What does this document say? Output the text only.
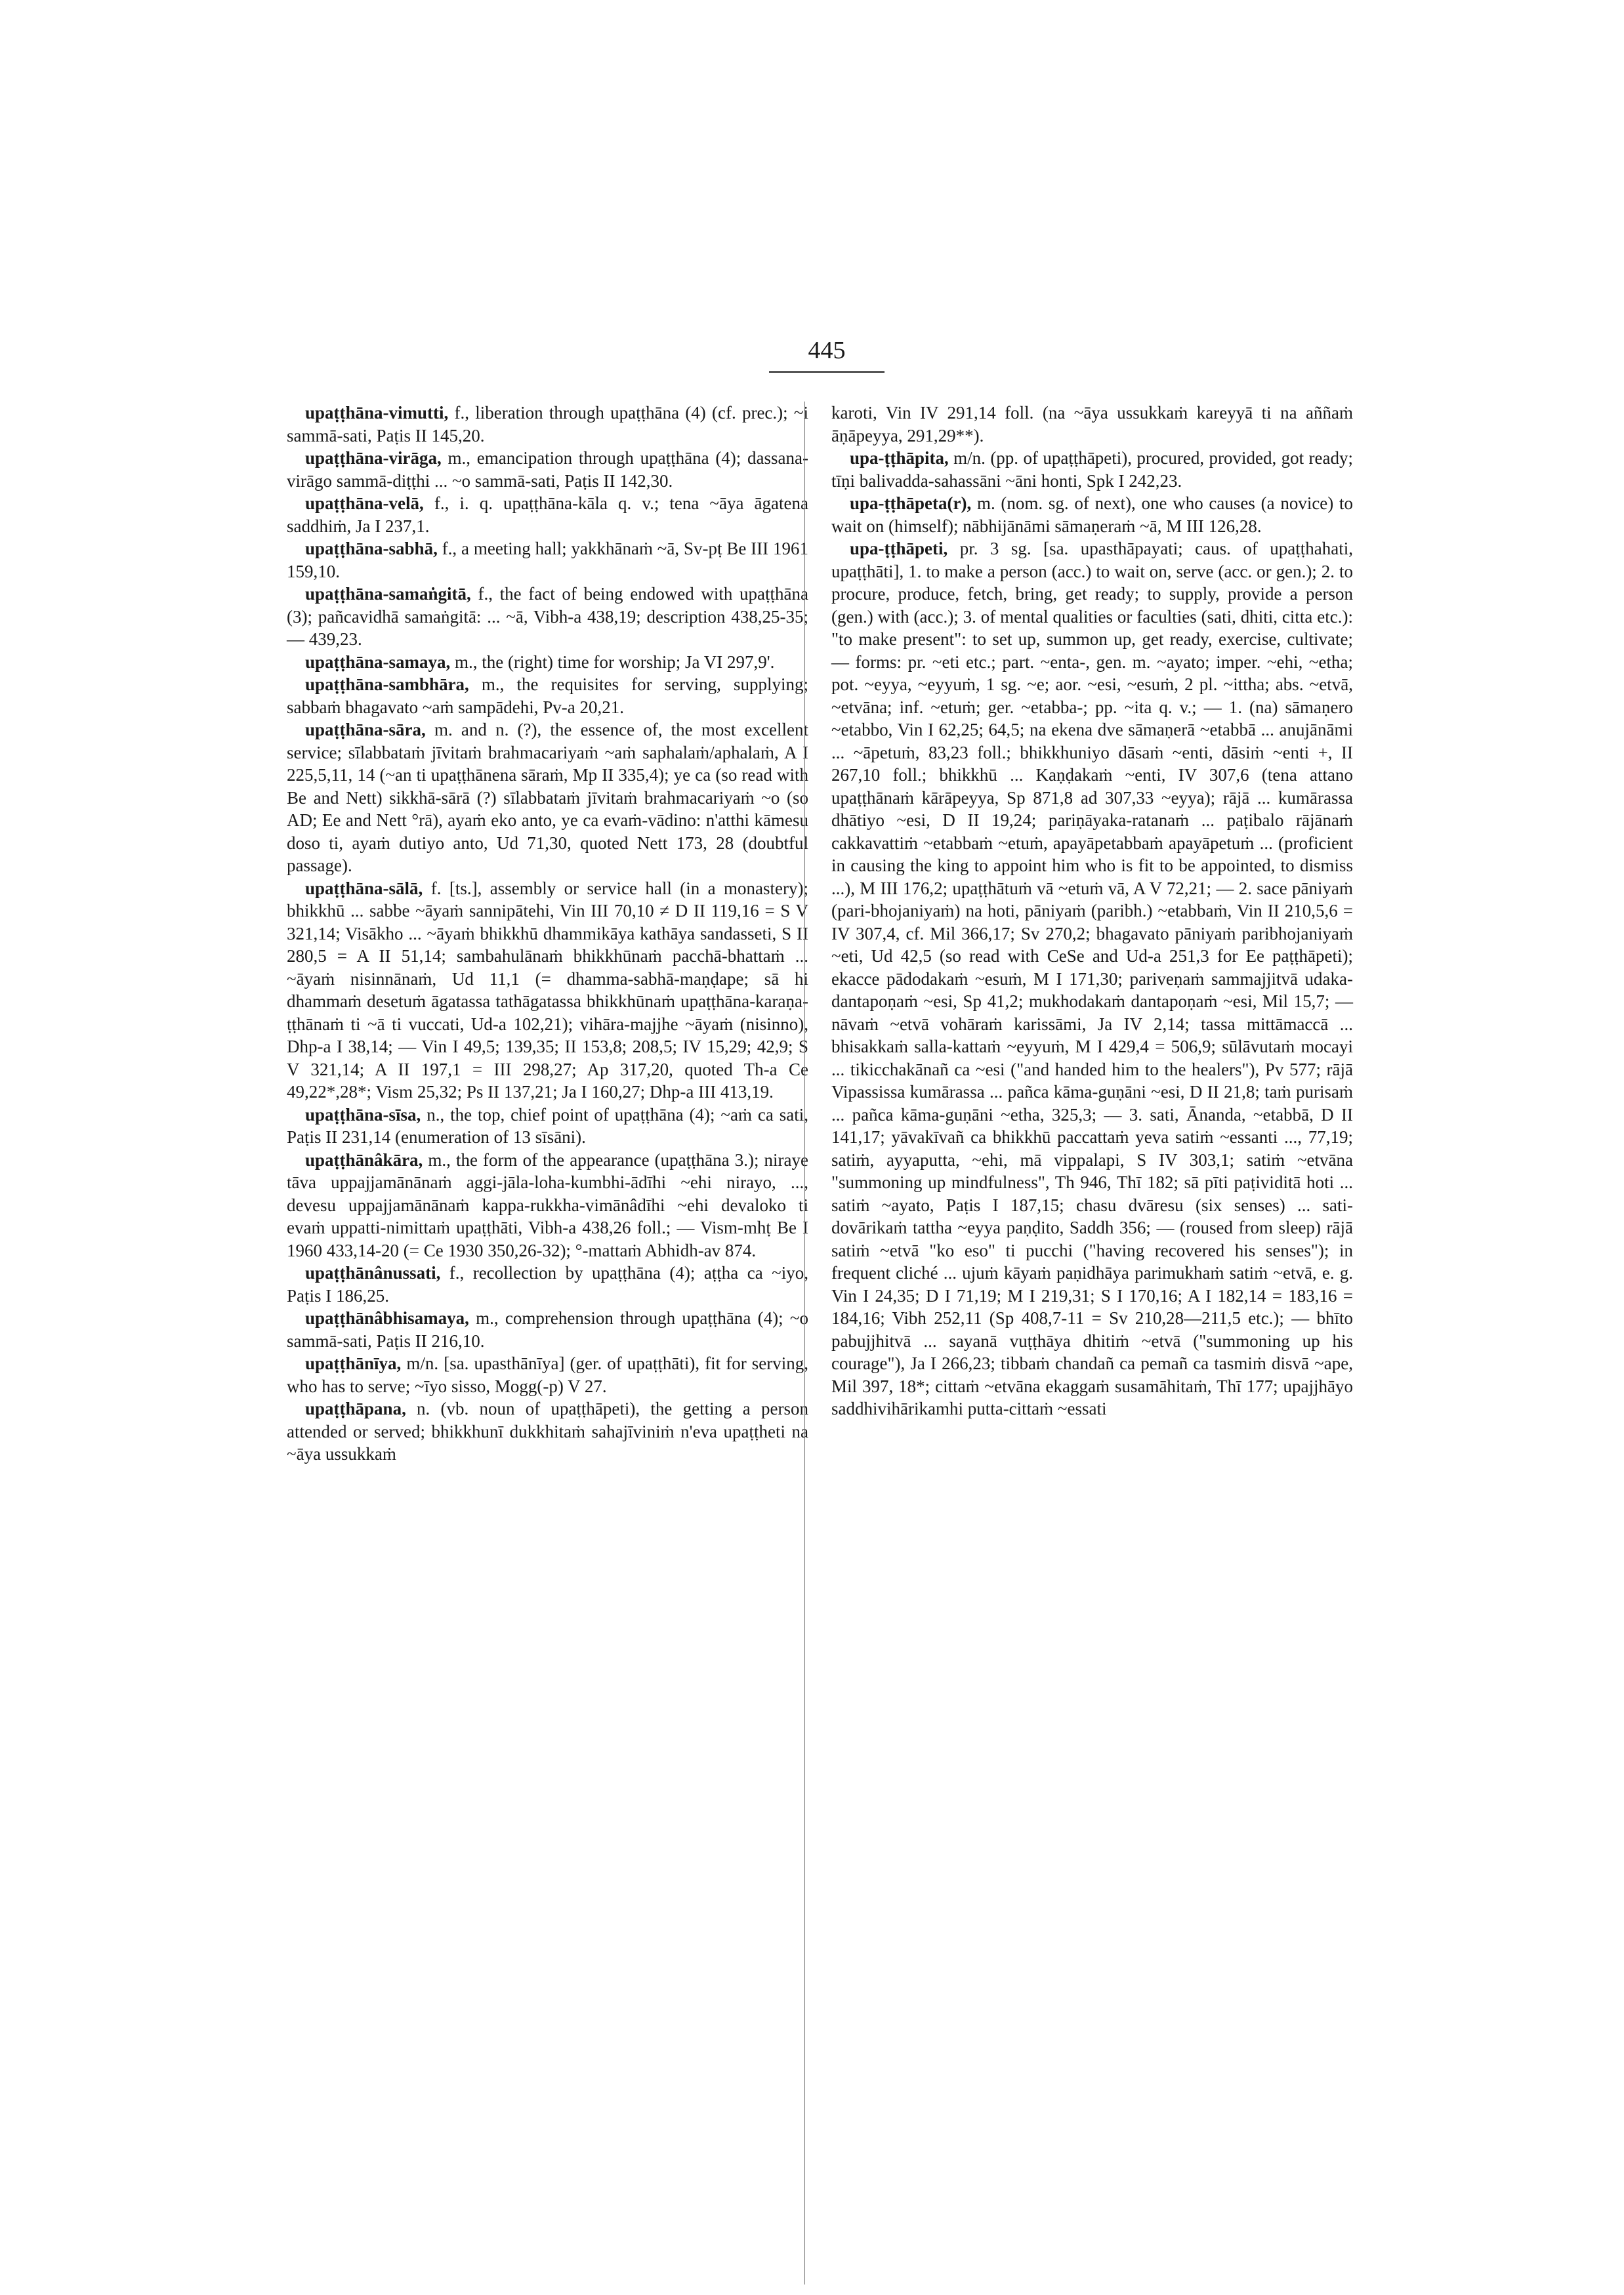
445

upaṭṭhāna-vimutti, f., liberation through upaṭṭhāna (4) (cf. prec.); ~i sammā-sati, Paṭis II 145,20.

upaṭṭhāna-virāga, m., emancipation through upaṭṭhāna (4); dassana-virāgo sammā-diṭṭhi ... ~o sammā-sati, Paṭis II 142,30.

upaṭṭhāna-velā, f., i. q. upaṭṭhāna-kāla q. v.; tena ~āya āgatena saddhiṁ, Ja I 237,1.

upaṭṭhāna-sabhā, f., a meeting hall; yakkhānaṁ ~ā, Sv-pṭ Be III 1961 159,10.

upaṭṭhāna-samaṅgitā, f., the fact of being endowed with upaṭṭhāna (3); pañcavidhā samaṅgitā: ... ~ā, Vibh-a 438,19; description 438,25-35; — 439,23.

upaṭṭhāna-samaya, m., the (right) time for worship; Ja VI 297,9'.

upaṭṭhāna-sambhāra, m., the requisites for serving, supplying; sabbaṁ bhagavato ~aṁ sampādehi, Pv-a 20,21.

upaṭṭhāna-sāra, m. and n. (?), the essence of, the most excellent service; sīlabbataṁ jīvitaṁ brahmacariyaṁ ~aṁ saphalaṁ/aphalaṁ, A I 225,5,11, 14 (~an ti upaṭṭhānena sāraṁ, Mp II 335,4); ye ca (so read with Be and Nett) sikkhā-sārā (?) sīlabbataṁ jīvitaṁ brahmacariyaṁ ~o (so AD; Ee and Nett °rā), ayaṁ eko anto, ye ca evaṁ-vādino: n'atthi kāmesu doso ti, ayaṁ dutiyo anto, Ud 71,30, quoted Nett 173, 28 (doubtful passage).

upaṭṭhāna-sālā, f. [ts.], assembly or service hall (in a monastery); bhikkhū ... sabbe ~āyaṁ sannipātehi, Vin III 70,10 ≠ D II 119,16 = S V 321,14; Visākho ... ~āyaṁ bhikkhū dhammikāya kathāya sandasseti, S II 280,5 = A II 51,14; sambahulānaṁ bhikkhūnaṁ pacchā-bhattaṁ ... ~āyaṁ nisinnānaṁ, Ud 11,1 (= dhamma-sabhā-maṇḍape; sā hi dhammaṁ desetuṁ āgatassa tathāgatassa bhikkhūnaṁ upaṭṭhāna-karaṇa-ṭṭhānaṁ ti ~ā ti vuccati, Ud-a 102,21); vihāra-majjhe ~āyaṁ (nisinno), Dhp-a I 38,14; — Vin I 49,5; 139,35; II 153,8; 208,5; IV 15,29; 42,9; S V 321,14; A II 197,1 = III 298,27; Ap 317,20, quoted Th-a Ce 49,22*,28*; Vism 25,32; Ps II 137,21; Ja I 160,27; Dhp-a III 413,19.

upaṭṭhāna-sīsa, n., the top, chief point of upaṭṭhāna (4); ~aṁ ca sati, Paṭis II 231,14 (enumeration of 13 sīsāni).

upaṭṭhānâkāra, m., the form of the appearance (upaṭṭhāna 3.); niraye tāva uppajjamānānaṁ aggi-jāla-loha-kumbhi-ādīhi ~ehi nirayo, ..., devesu uppajjamānānaṁ kappa-rukkha-vimānâdīhi ~ehi devaloko ti evaṁ uppatti-nimittaṁ upaṭṭhāti, Vibh-a 438,26 foll.; — Vism-mhṭ Be I 1960 433,14-20 (= Ce 1930 350,26-32); °-mattaṁ Abhidh-av 874.

upaṭṭhānânussati, f., recollection by upaṭṭhāna (4); aṭṭha ca ~iyo, Paṭis I 186,25.

upaṭṭhānâbhisamaya, m., comprehension through upaṭṭhāna (4); ~o sammā-sati, Paṭis II 216,10.

upaṭṭhānīya, m/n. [sa. upasthānīya] (ger. of upaṭṭhāti), fit for serving, who has to serve; ~īyo sisso, Mogg(-p) V 27.

upaṭṭhāpana, n. (vb. noun of upaṭṭhāpeti), the getting a person attended or served; bhikkhunī dukkhitaṁ sahajīviniṁ n'eva upaṭṭheti na ~āya ussukkaṁ

karoti, Vin IV 291,14 foll. (na ~āya ussukkaṁ kareyyā ti na aññaṁ āṇāpeyya, 291,29**).

upa-ṭṭhāpita, m/n. (pp. of upaṭṭhāpeti), procured, provided, got ready; tīṇi balivadda-sahassāni ~āni honti, Spk I 242,23.

upa-ṭṭhāpeta(r), m. (nom. sg. of next), one who causes (a novice) to wait on (himself); nābhijānāmi sāmaṇeraṁ ~ā, M III 126,28.

upa-ṭṭhāpeti, pr. 3 sg. [sa. upasthāpayati; caus. of upaṭṭhahati, upaṭṭhāti], 1. to make a person (acc.) to wait on, serve (acc. or gen.); 2. to procure, produce, fetch, bring, get ready; to supply, provide a person (gen.) with (acc.); 3. of mental qualities or faculties (sati, dhiti, citta etc.): "to make present": to set up, summon up, get ready, exercise, cultivate; — forms: pr. ~eti etc.; part. ~enta-, gen. m. ~ayato; imper. ~ehi, ~etha; pot. ~eyya, ~eyyuṁ, 1 sg. ~e; aor. ~esi, ~esuṁ, 2 pl. ~ittha; abs. ~etvā, ~etvāna; inf. ~etuṁ; ger. ~etabba-; pp. ~ita q. v.; — 1. (na) sāmaṇero ~etabbo, Vin I 62,25; 64,5; na ekena dve sāmaṇerā ~etabbā ... anujānāmi ... ~āpetuṁ, 83,23 foll.; bhikkhuniyo dāsaṁ ~enti, dāsiṁ ~enti +, II 267,10 foll.; bhikkhū ... Kaṇḍakaṁ ~enti, IV 307,6 (tena attano upaṭṭhānaṁ kārāpeyya, Sp 871,8 ad 307,33 ~eyya); rājā ... kumārassa dhātiyo ~esi, D II 19,24; pariṇāyaka-ratanaṁ ... paṭibalo rājānaṁ cakkavattiṁ ~etabbaṁ ~etuṁ, apayāpetabbaṁ apayāpetuṁ ... (proficient in causing the king to appoint him who is fit to be appointed, to dismiss ...), M III 176,2; upaṭṭhātuṁ vā ~etuṁ vā, A V 72,21; — 2. sace pāniyaṁ (pari-bhojaniyaṁ) na hoti, pāniyaṁ (paribh.) ~etabbaṁ, Vin II 210,5,6 = IV 307,4, cf. Mil 366,17; Sv 270,2; bhagavato pāniyaṁ paribhojaniyaṁ ~eti, Ud 42,5 (so read with CeSe and Ud-a 251,3 for Ee paṭṭhāpeti); ekacce pādodakaṁ ~esuṁ, M I 171,30; pariveṇaṁ sammajjitvā udaka-dantapoṇaṁ ~esi, Sp 41,2; mukhodakaṁ dantapoṇaṁ ~esi, Mil 15,7; — nāvaṁ ~etvā vohāraṁ karissāmi, Ja IV 2,14; tassa mittāmaccā ... bhisakkaṁ salla-kattaṁ ~eyyuṁ, M I 429,4 = 506,9; sūlāvutaṁ mocayi ... tikicchakānañ ca ~esi ("and handed him to the healers"), Pv 577; rājā Vipassissa kumārassa ... pañca kāma-guṇāni ~esi, D II 21,8; taṁ purisaṁ ... pañca kāma-guṇāni ~etha, 325,3; — 3. sati, Ānanda, ~etabbā, D II 141,17; yāvakīvañ ca bhikkhū paccattaṁ yeva satiṁ ~essanti ..., 77,19; satiṁ, ayyaputta, ~ehi, mā vippalapi, S IV 303,1; satiṁ ~etvāna "summoning up mindfulness", Th 946, Thī 182; sā pīti paṭividitā hoti ... satiṁ ~ayato, Paṭis I 187,15; chasu dvāresu (six senses) ... sati-dovārikaṁ tattha ~eyya paṇḍito, Saddh 356; — (roused from sleep) rājā satiṁ ~etvā "ko eso" ti pucchi ("having recovered his senses"); in frequent cliché ... ujuṁ kāyaṁ paṇidhāya parimukhaṁ satiṁ ~etvā, e. g. Vin I 24,35; D I 71,19; M I 219,31; S I 170,16; A I 182,14 = 183,16 = 184,16; Vibh 252,11 (Sp 408,7-11 = Sv 210,28—211,5 etc.); — bhīto pabujjhitvā ... sayanā vuṭṭhāya dhitiṁ ~etvā ("summoning up his courage"), Ja I 266,23; tibbaṁ chandañ ca pemañ ca tasmiṁ disvā ~ape, Mil 397, 18*; cittaṁ ~etvāna ekaggaṁ susamāhitaṁ, Thī 177; upajjhāyo saddhivihārikamhi putta-cittaṁ ~essati
